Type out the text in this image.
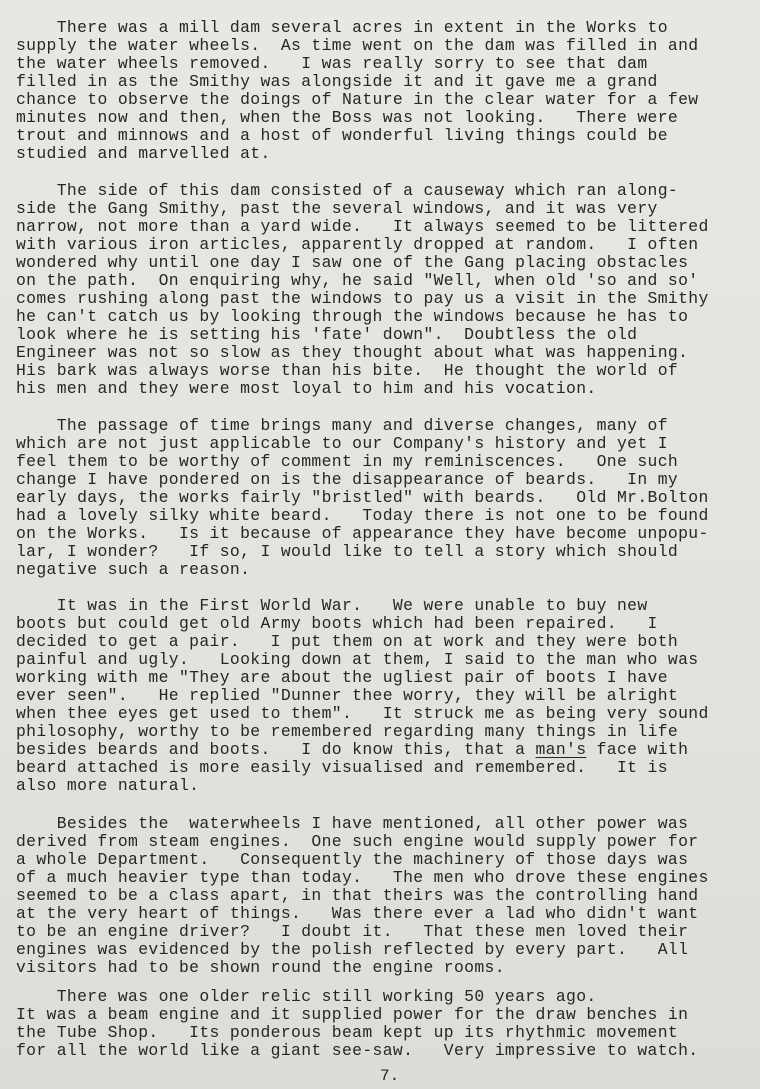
There was a mill dam several acres in extent in the Works to
supply the water wheels.  As time went on the dam was filled in and
the water wheels removed.   I was really sorry to see that dam
filled in as the Smithy was alongside it and it gave me a grand
chance to observe the doings of Nature in the clear water for a few
minutes now and then, when the Boss was not looking.   There were
trout and minnows and a host of wonderful living things could be
studied and marvelled at.
The side of this dam consisted of a causeway which ran along-
side the Gang Smithy, past the several windows, and it was very
narrow, not more than a yard wide.   It always seemed to be littered
with various iron articles, apparently dropped at random.   I often
wondered why until one day I saw one of the Gang placing obstacles
on the path.  On enquiring why, he said "Well, when old 'so and so'
comes rushing along past the windows to pay us a visit in the Smithy
he can't catch us by looking through the windows because he has to
look where he is setting his 'fate' down".  Doubtless the old
Engineer was not so slow as they thought about what was happening.
His bark was always worse than his bite.  He thought the world of
his men and they were most loyal to him and his vocation.
The passage of time brings many and diverse changes, many of
which are not just applicable to our Company's history and yet I
feel them to be worthy of comment in my reminiscences.   One such
change I have pondered on is the disappearance of beards.   In my
early days, the works fairly "bristled" with beards.   Old Mr.Bolton
had a lovely silky white beard.   Today there is not one to be found
on the Works.   Is it because of appearance they have become unpopu-
lar, I wonder?   If so, I would like to tell a story which should
negative such a reason.
It was in the First World War.   We were unable to buy new
boots but could get old Army boots which had been repaired.   I
decided to get a pair.   I put them on at work and they were both
painful and ugly.   Looking down at them, I said to the man who was
working with me "They are about the ugliest pair of boots I have
ever seen".   He replied "Dunner thee worry, they will be alright
when thee eyes get used to them".   It struck me as being very sound
philosophy, worthy to be remembered regarding many things in life
besides beards and boots.   I do know this, that a man's face with
beard attached is more easily visualised and remembered.   It is
also more natural.
Besides the  waterwheels I have mentioned, all other power was
derived from steam engines.  One such engine would supply power for
a whole Department.   Consequently the machinery of those days was
of a much heavier type than today.   The men who drove these engines
seemed to be a class apart, in that theirs was the controlling hand
at the very heart of things.   Was there ever a lad who didn't want
to be an engine driver?   I doubt it.   That these men loved their
engines was evidenced by the polish reflected by every part.   All
visitors had to be shown round the engine rooms.
There was one older relic still working 50 years ago.
It was a beam engine and it supplied power for the draw benches in
the Tube Shop.   Its ponderous beam kept up its rhythmic movement
for all the world like a giant see-saw.   Very impressive to watch.
7.
